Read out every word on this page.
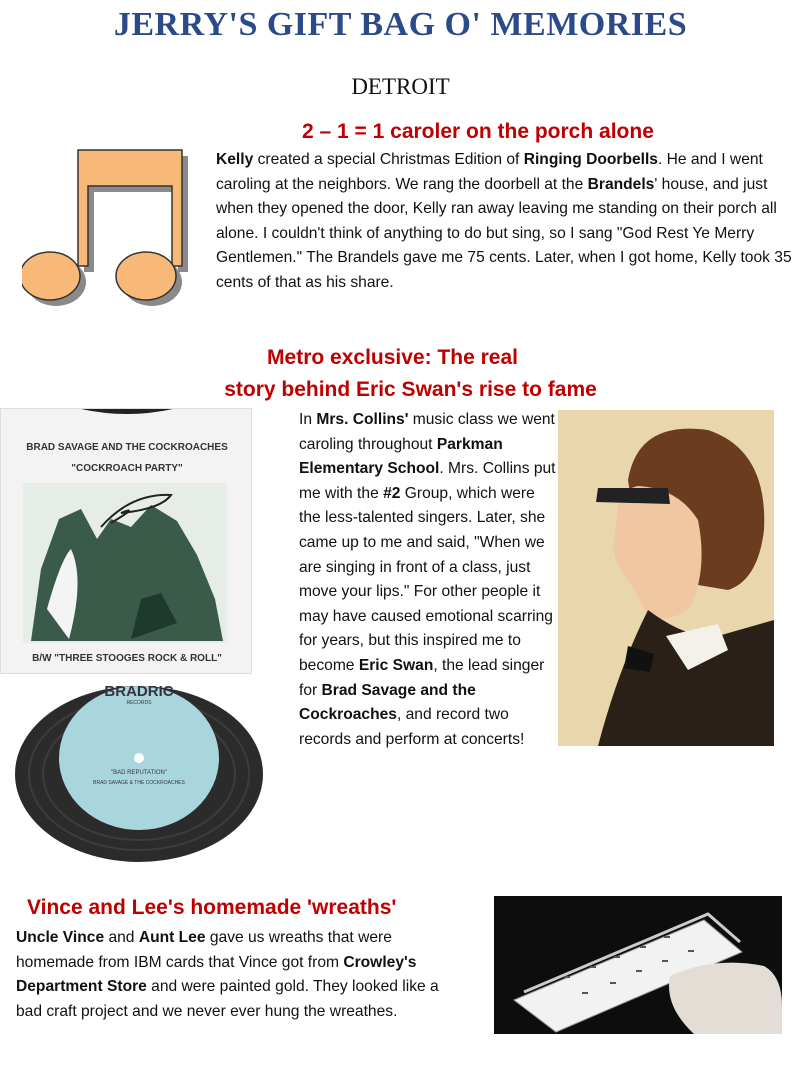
JERRY'S GIFT BAG O' MEMORIES
DETROIT
2 – 1 = 1 caroler on the porch alone
Kelly created a special Christmas Edition of Ringing Doorbells. He and I went caroling at the neighbors. We rang the doorbell at the Brandels' house, and just when they opened the door, Kelly ran away leaving me standing on their porch all alone. I couldn't think of anything to do but sing, so I sang "God Rest Ye Merry Gentlemen." The Brandels gave me 75 cents. Later, when I got home, Kelly took 35 cents of that as his share.
Metro exclusive: The real
story behind Eric Swan's rise to fame
BRAD SAVAGE AND THE COCKROACHES
"COCKROACH PARTY"
B/W "THREE STOOGES ROCK & ROLL"
BRADRIC
RECORDS
"BAD REPUTATION"
BRAD SAVAGE & THE COCKROACHES
In Mrs. Collins' music class we went caroling throughout Parkman Elementary School. Mrs. Collins put me with the #2 Group, which were the less-talented singers. Later, she came up to me and said, "When we are singing in front of a class, just move your lips." For other people it may have caused emotional scarring for years, but this inspired me to become Eric Swan, the lead singer for Brad Savage and the Cockroaches, and record two records and perform at concerts!
Vince and Lee's homemade 'wreaths'
Uncle Vince and Aunt Lee gave us wreaths that were homemade from IBM cards that Vince got from Crowley's Department Store and were painted gold. They looked like a bad craft project and we never ever hung the wreathes.
